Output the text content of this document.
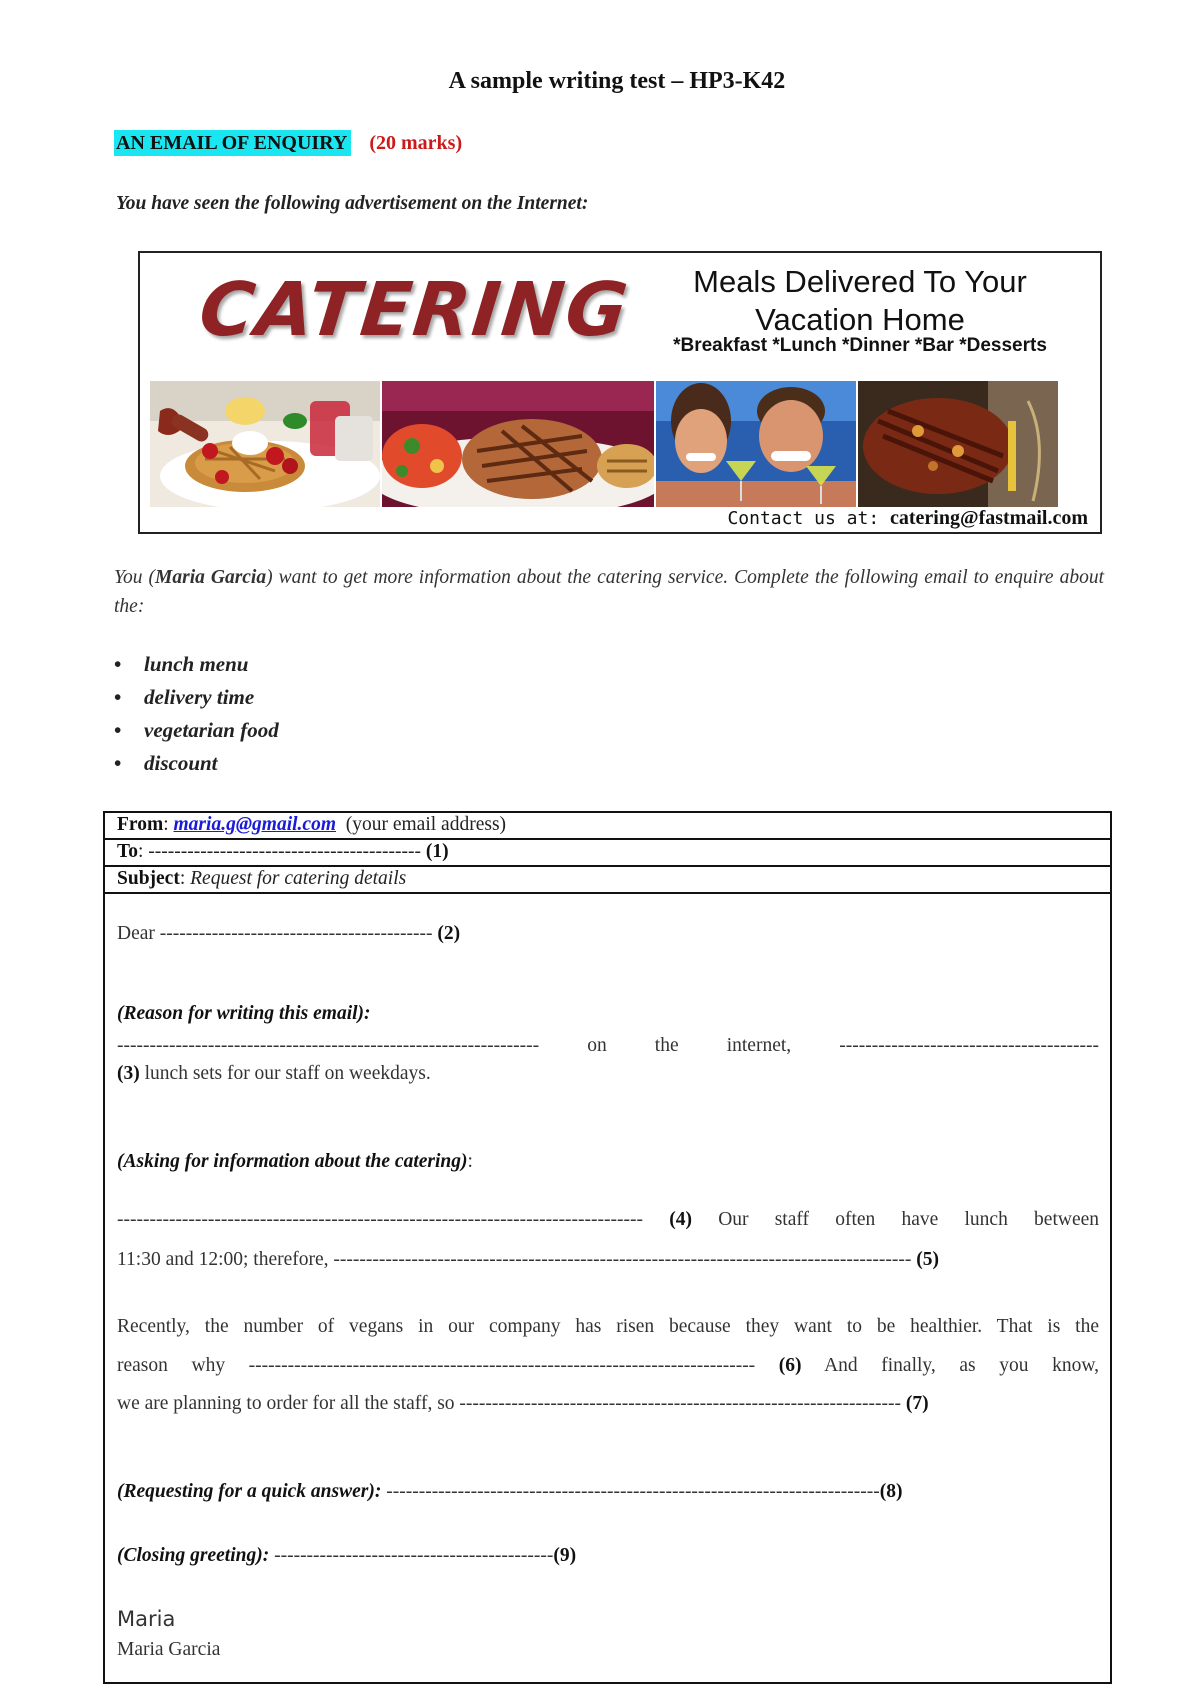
A sample writing test – HP3-K42
AN EMAIL OF ENQUIRY (20 marks)
You have seen the following advertisement on the Internet:
CATERING	Meals Delivered To Your
Vacation Home
*Breakfast *Lunch *Dinner *Bar *Desserts
Contact us at: catering@fastmail.com
You (Maria Garcia) want to get more information about the catering service. Complete the following email to enquire about the:
• lunch menu
• delivery time
• vegetarian food
• discount
From: maria.g@gmail.com (your email address)
To: ------------------------------------------ (1)
Subject: Request for catering details
Dear ------------------------------------------ (2)
(Reason for writing this email):
----------------------------------------------------------------- on the internet, ----------------------------------------
(3) lunch sets for our staff on weekdays.
(Asking for information about the catering):
--------------------------------------------------------------------------------- (4) Our staff often have lunch between
11:30 and 12:00; therefore, ----------------------------------------------------------------------------------------- (5)
Recently, the number of vegans in our company has risen because they want to be healthier. That is the
reason why ------------------------------------------------------------------------------ (6) And finally, as you know,
we are planning to order for all the staff, so -------------------------------------------------------------------- (7)
(Requesting for a quick answer): ----------------------------------------------------------------------------(8)
(Closing greeting): -------------------------------------------(9)
Maria
Maria Garcia
